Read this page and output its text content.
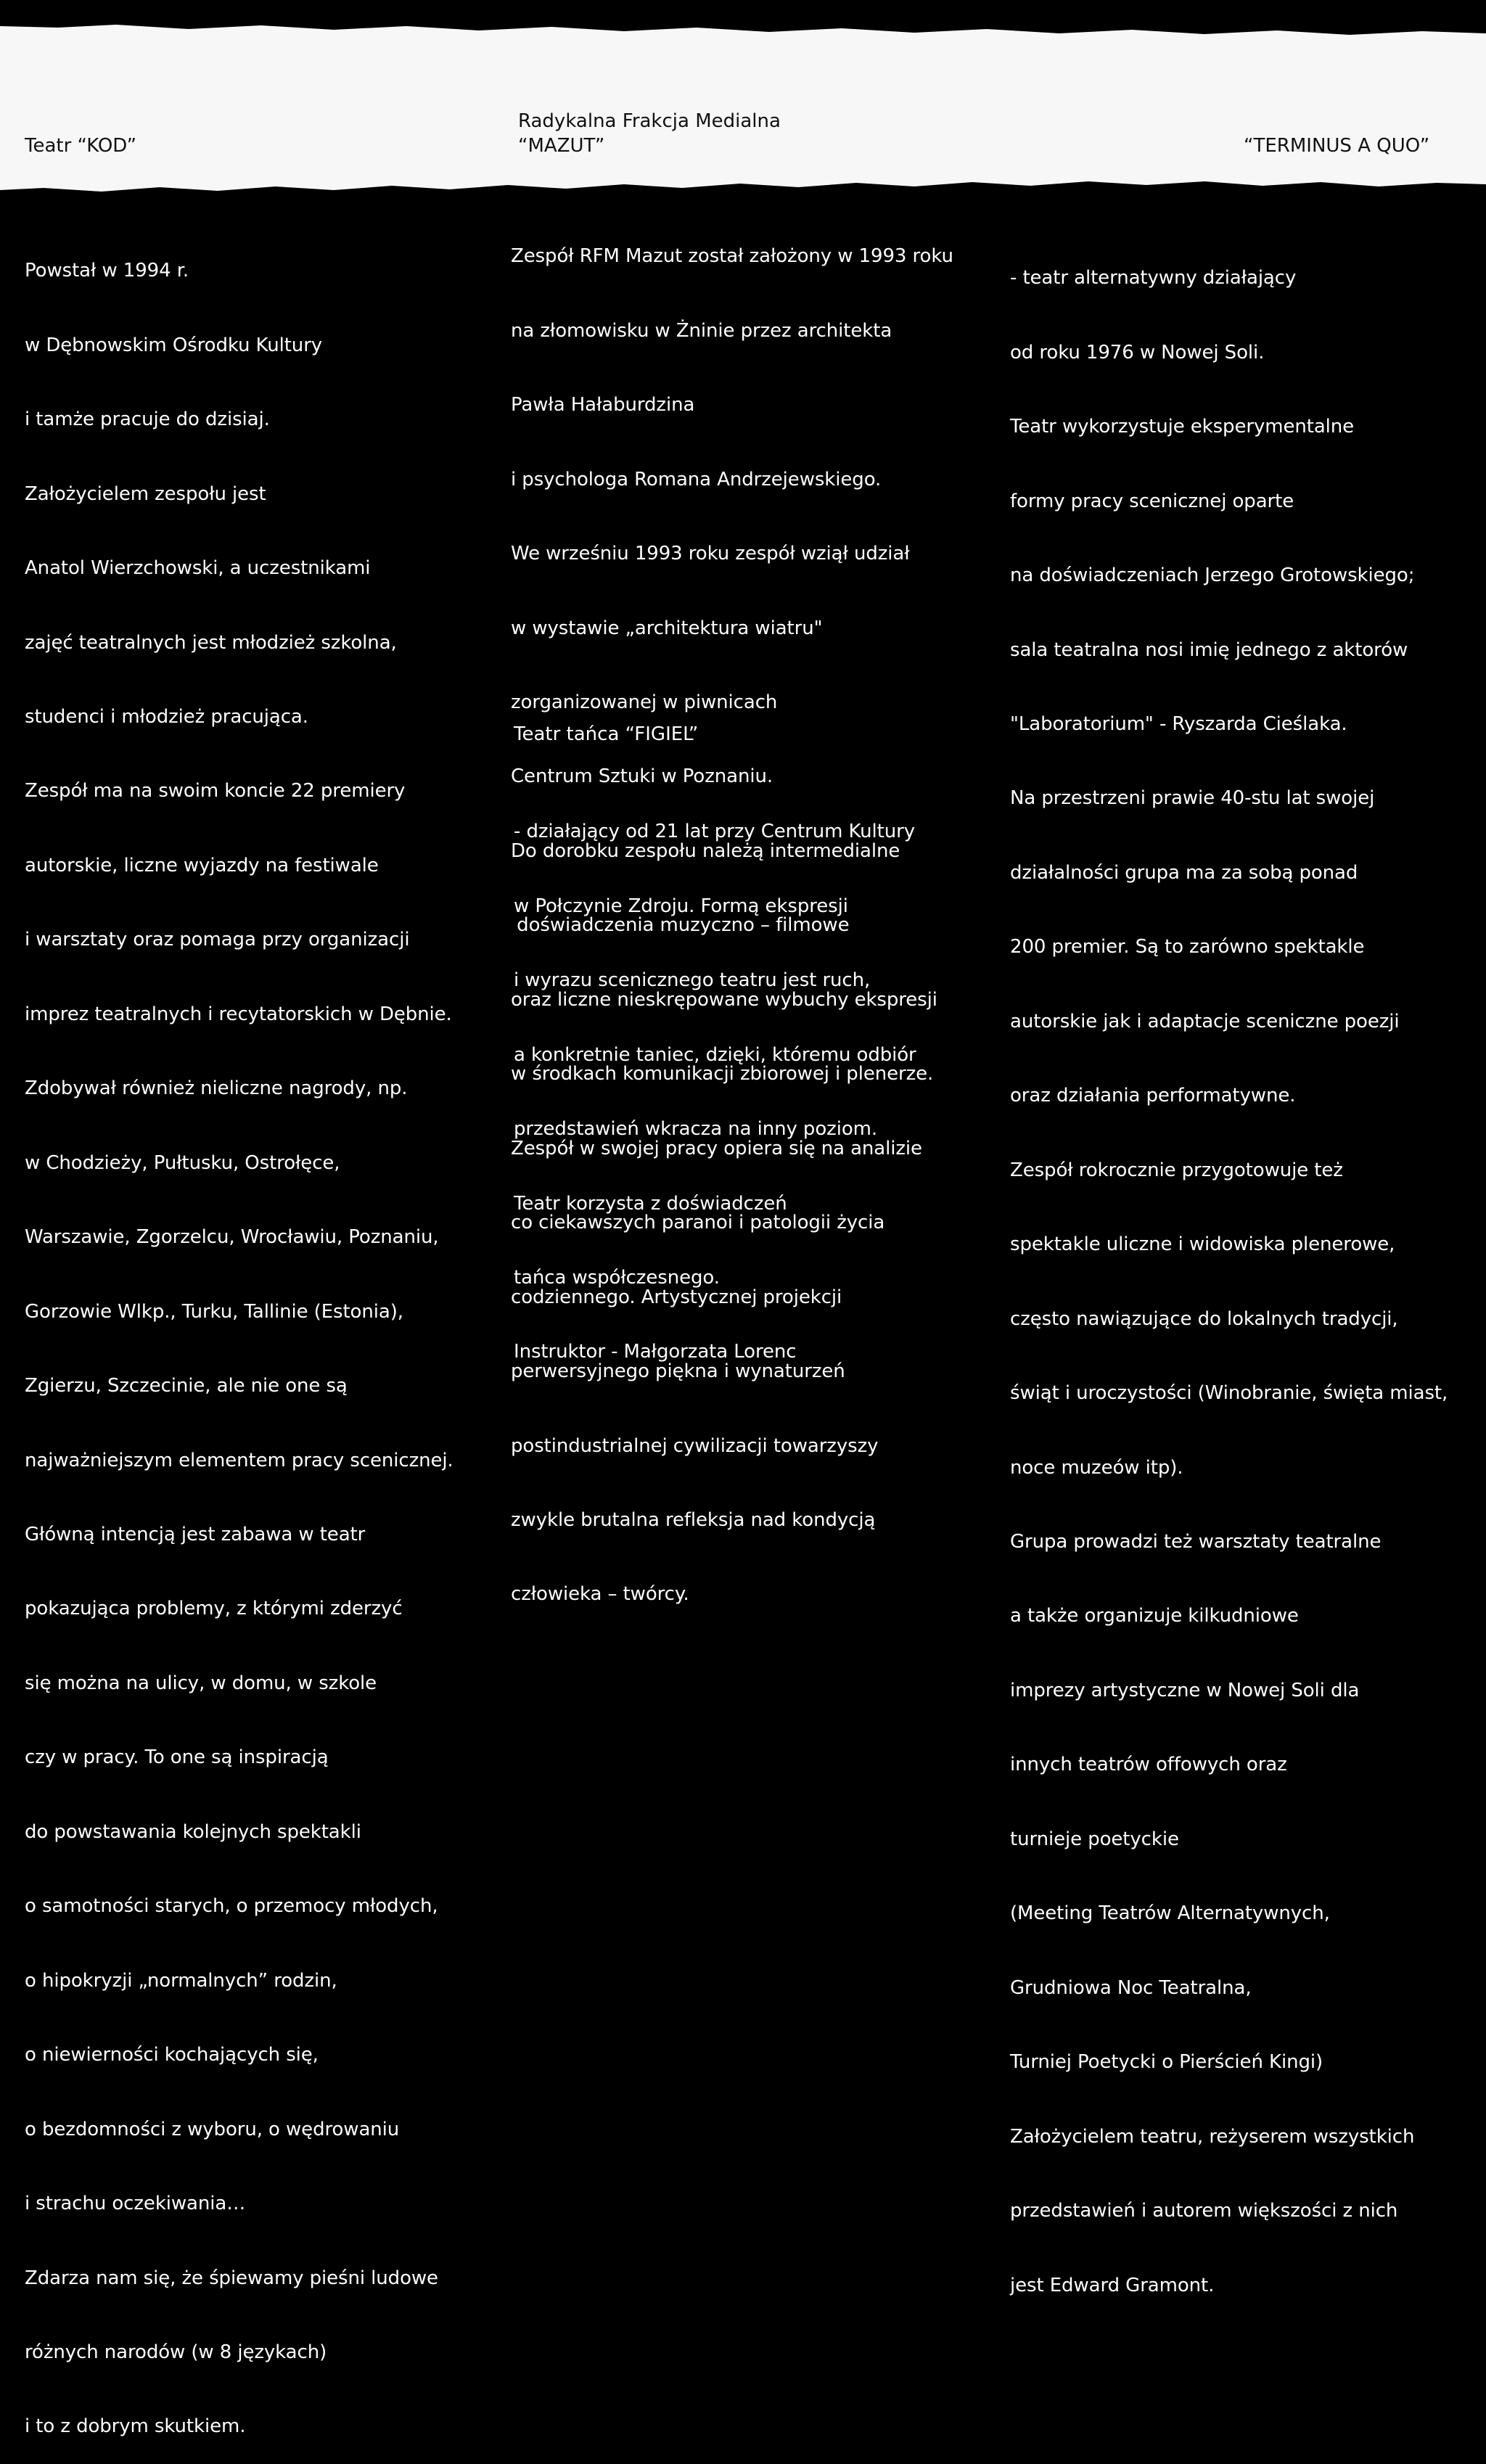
Teatr “KOD”
Radykalna Frakcja Medialna
“MAZUT”	“TERMINUS A QUO”

Powstał w 1994 r.

w Dębnowskim Ośrodku Kultury

i tamże pracuje do dzisiaj.

Założycielem zespołu jest

Anatol Wierzchowski, a uczestnikami

zajęć teatralnych jest młodzież szkolna,

studenci i młodzież pracująca.

Zespół ma na swoim koncie 22 premiery

autorskie, liczne wyjazdy na festiwale

i warsztaty oraz pomaga przy organizacji

imprez teatralnych i recytatorskich w Dębnie.

Zdobywał również nieliczne nagrody, np.

w Chodzieży, Pułtusku, Ostrołęce,

Warszawie, Zgorzelcu, Wrocławiu, Poznaniu,

Gorzowie Wlkp., Turku, Tallinie (Estonia),

Zgierzu, Szczecinie, ale nie one są

najważniejszym elementem pracy scenicznej.

Główną intencją jest zabawa w teatr

pokazująca problemy, z którymi zderzyć

się można na ulicy, w domu, w szkole

czy w pracy. To one są inspiracją

do powstawania kolejnych spektakli

o samotności starych, o przemocy młodych,

o hipokryzji „normalnych” rodzin,

o niewierności kochających się,

o bezdomności z wyboru, o wędrowaniu

i strachu oczekiwania…

Zdarza nam się, że śpiewamy pieśni ludowe

różnych narodów (w 8 językach)

i to z dobrym skutkiem.

Zespół RFM Mazut został założony w 1993 roku

na złomowisku w Żninie przez architekta

Pawła Hałaburdzina

i psychologa Romana Andrzejewskiego.

We wrześniu 1993 roku zespół wziął udział

w wystawie „architektura wiatru"

zorganizowanej w piwnicach

Centrum Sztuki w Poznaniu.

Do dorobku zespołu należą intermedialne

doświadczenia muzyczno – filmowe

oraz liczne nieskrępowane wybuchy ekspresji

w środkach komunikacji zbiorowej i plenerze.

Zespół w swojej pracy opiera się na analizie

co ciekawszych paranoi i patologii życia

codziennego. Artystycznej projekcji

perwersyjnego piękna i wynaturzeń

postindustrialnej cywilizacji towarzyszy

zwykle brutalna refleksja nad kondycją

człowieka – twórcy.

Teatr tańca “FIGIEL”

- działający od 21 lat przy Centrum Kultury

w Połczynie Zdroju. Formą ekspresji

i wyrazu scenicznego teatru jest ruch,

a konkretnie taniec, dzięki, któremu odbiór

przedstawień wkracza na inny poziom.

Teatr korzysta z doświadczeń

tańca współczesnego.

Instruktor - Małgorzata Lorenc

- teatr alternatywny działający

od roku 1976 w Nowej Soli.

Teatr wykorzystuje eksperymentalne

formy pracy scenicznej oparte

na doświadczeniach Jerzego Grotowskiego;

sala teatralna nosi imię jednego z aktorów

"Laboratorium" - Ryszarda Cieślaka.

Na przestrzeni prawie 40-stu lat swojej

działalności grupa ma za sobą ponad

200 premier. Są to zarówno spektakle

autorskie jak i adaptacje sceniczne poezji

oraz działania performatywne.

Zespół rokrocznie przygotowuje też

spektakle uliczne i widowiska plenerowe,

często nawiązujące do lokalnych tradycji,

świąt i uroczystości (Winobranie, święta miast,

noce muzeów itp).

Grupa prowadzi też warsztaty teatralne

a także organizuje kilkudniowe

imprezy artystyczne w Nowej Soli dla

innych teatrów offowych oraz

turnieje poetyckie

(Meeting Teatrów Alternatywnych,

Grudniowa Noc Teatralna,

Turniej Poetycki o Pierścień Kingi)

Założycielem teatru, reżyserem wszystkich

przedstawień i autorem większości z nich

jest Edward Gramont.
